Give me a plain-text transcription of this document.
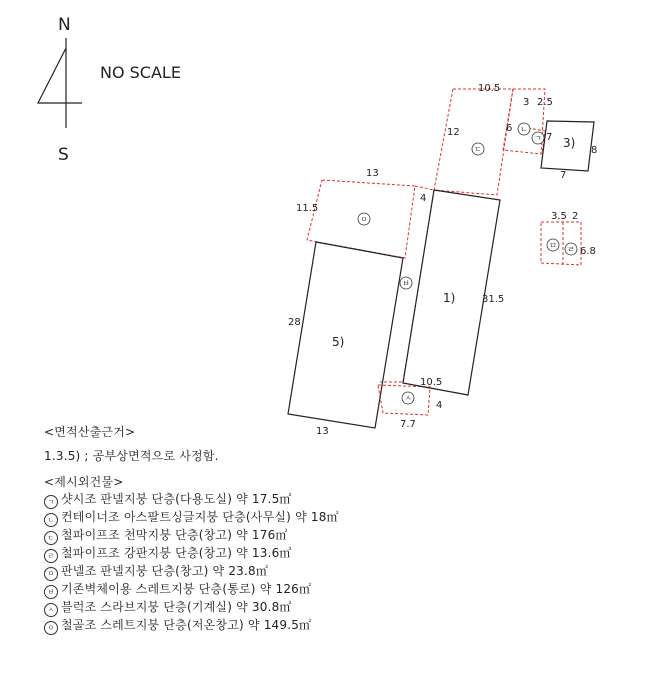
N
S
NO SCALE
5)
1)
3)
28
13
31.5
10.5
4
2.5
8
7
10.5
12
3
6
7
13
11.5
3.5 2
6.8
4
7.7
ㄷ
ㄴ
ㄱ
ㅇ
ㅂ
ㅅ
ㅁ ㄹ
<면적산출근거>
1.3.5) ; 공부상면적으로 사정함.
<제시외건물>
ㄱ 샷시조 판넬지붕 단층(다용도실) 약 17.5㎡
ㄴ 컨테이너조 아스팔트싱글지붕 단층(사무실) 약 18㎡
ㄷ 철파이프조 천막지붕 단층(창고) 약 176㎡
ㄹ 철파이프조 강판지붕 단층(창고) 약 13.6㎡
ㅁ 판넬조 판넬지붕 단층(창고) 약 23.8㎡
ㅂ 기존벽체이용 스레트지붕 단층(통로) 약 126㎡
ㅅ 블럭조 스라브지붕 단층(기계실) 약 30.8㎡
ㅇ 철골조 스레트지붕 단층(저온창고) 약 149.5㎡
